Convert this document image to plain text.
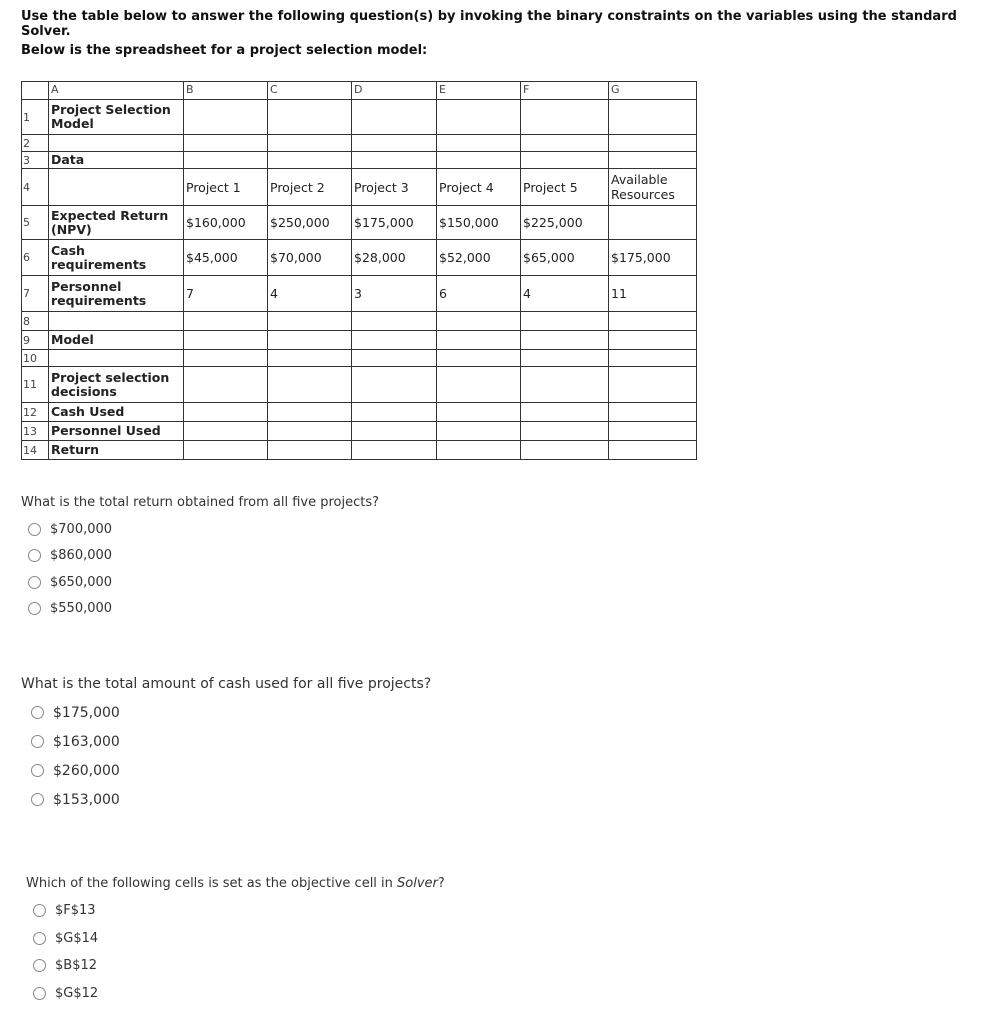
Use the table below to answer the following question(s) by invoking the binary constraints on the variables using the standard Solver.
Below is the spreadsheet for a project selection model:
	A	B	C	D	E	F	G
1	Project Selection Model						
2							
3	Data						
4		Project 1	Project 2	Project 3	Project 4	Project 5	Available Resources
5	Expected Return (NPV)	$160,000	$250,000	$175,000	$150,000	$225,000	
6	Cash requirements	$45,000	$70,000	$28,000	$52,000	$65,000	$175,000
7	Personnel requirements	7	4	3	6	4	11
8							
9	Model						
10							
11	Project selection decisions						
12	Cash Used						
13	Personnel Used						
14	Return						
What is the total return obtained from all five projects?
$700,000
$860,000
$650,000
$550,000
What is the total amount of cash used for all five projects?
$175,000
$163,000
$260,000
$153,000
Which of the following cells is set as the objective cell in Solver?
$F$13
$G$14
$B$12
$G$12
